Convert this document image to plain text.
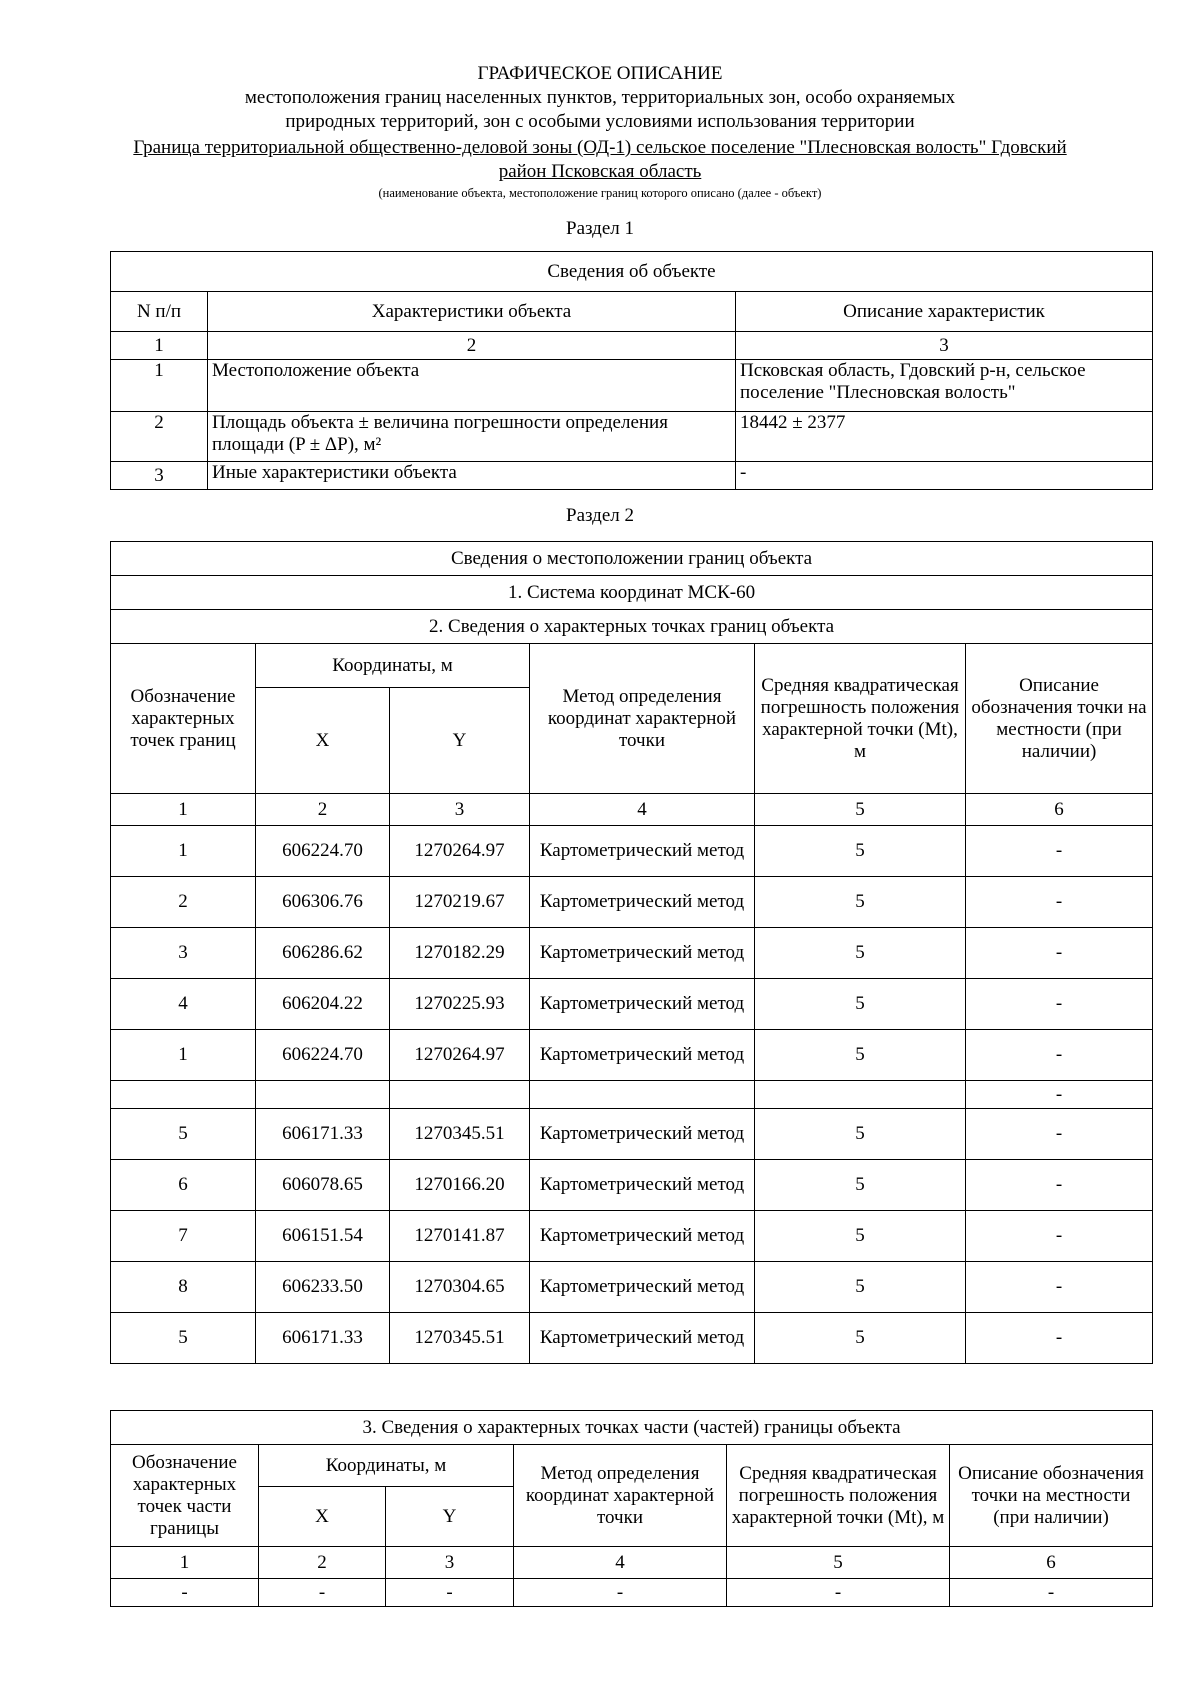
ГРАФИЧЕСКОЕ ОПИСАНИЕ
местоположения границ населенных пунктов, территориальных зон, особо охраняемых
природных территорий, зон с особыми условиями использования территории
Граница территориальной общественно-деловой зоны (ОД-1) сельское поселение "Плесновская волость" Гдовский район Псковская область
(наименование объекта, местоположение границ которого описано (далее - объект)
Раздел 1
Сведения об объекте		
N п/п	Характеристики объекта	Описание характеристик
1	2	3
1	Местоположение объекта	Псковская область, Гдовский р-н, сельское поселение "Плесновская волость"
2	Площадь объекта ± величина погрешности определения площади (P ± ΔP), м²	18442 ± 2377
3	Иные характеристики объекта	-
Раздел 2
Сведения о местоположении границ объекта					
1. Система координат МСК-60					
2. Сведения о характерных точках границ объекта					
Обозначение характерных точек границ	Координаты, м		Метод определения координат характерной точки	Средняя квадратическая погрешность положения характерной точки (Mt), м	Описание обозначения точки на местности (при наличии)
	X	Y			
1	2	3	4	5	6
1	606224.70	1270264.97	Картометрический метод	5	-
2	606306.76	1270219.67	Картометрический метод	5	-
3	606286.62	1270182.29	Картометрический метод	5	-
4	606204.22	1270225.93	Картометрический метод	5	-
1	606224.70	1270264.97	Картометрический метод	5	-
					-
5	606171.33	1270345.51	Картометрический метод	5	-
6	606078.65	1270166.20	Картометрический метод	5	-
7	606151.54	1270141.87	Картометрический метод	5	-
8	606233.50	1270304.65	Картометрический метод	5	-
5	606171.33	1270345.51	Картометрический метод	5	-
3. Сведения о характерных точках части (частей) границы объекта					
Обозначение характерных точек части границы	Координаты, м		Метод определения координат характерной точки	Средняя квадратическая погрешность положения характерной точки (Mt), м	Описание обозначения точки на местности (при наличии)
	X	Y			
1	2	3	4	5	6
-	-	-	-	-	-
